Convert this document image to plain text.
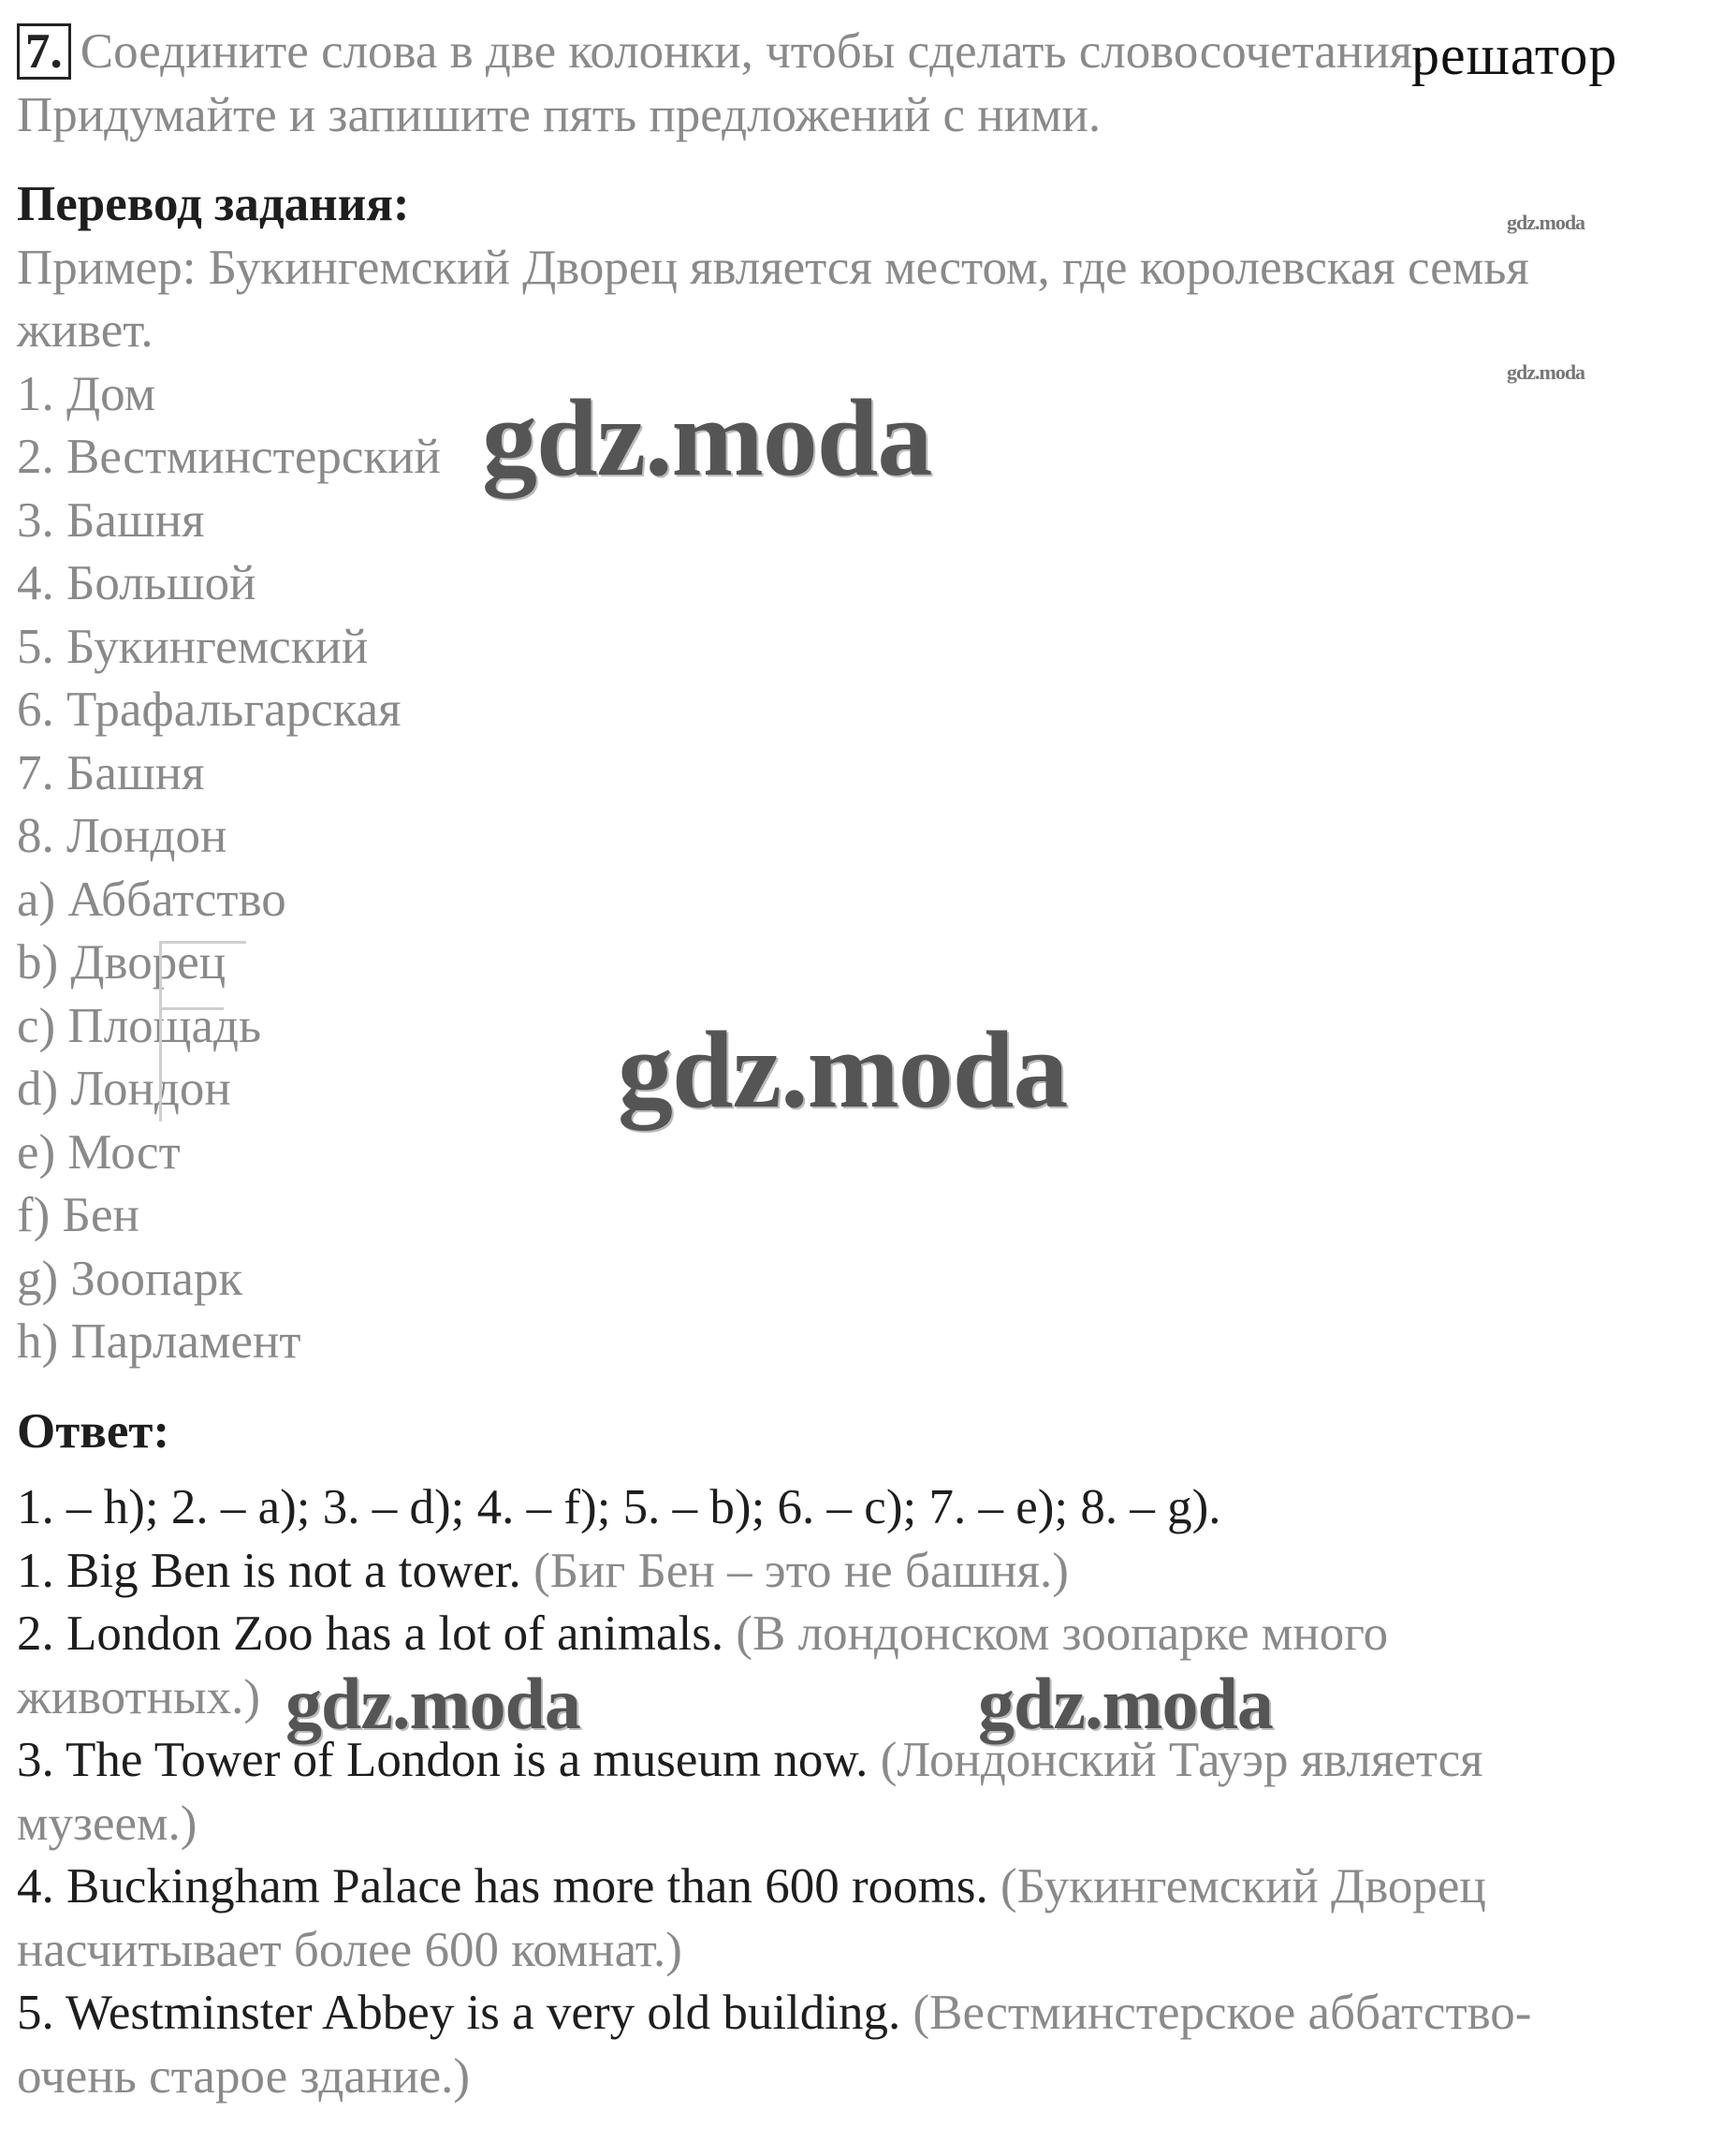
7. Соедините слова в две колонки, чтобы сделать словосочетания.
решатор
Придумайте и запишите пять предложений с ними.
Перевод задания:
Пример: Букингемский Дворец является местом, где королевская семья
живет.
1. Дом
2. Вестминстерский
3. Башня
4. Большой
5. Букингемский
6. Трафальгарская
7. Башня
8. Лондон
a) Аббатство
b) Дворец
c) Площадь
d) Лондон
e) Мост
f) Бен
g) Зоопарк
h) Парламент
Ответ:
1. – h); 2. – a); 3. – d); 4. – f); 5. – b); 6. – c); 7. – e); 8. – g).
1. Big Ben is not a tower. (Биг Бен – это не башня.)
2. London Zoo has a lot of animals. (В лондонском зоопарке много
животных.)
3. The Tower of London is a museum now. (Лондонский Тауэр является
музеем.)
4. Buckingham Palace has more than 600 rooms. (Букингемский Дворец
насчитывает более 600 комнат.)
5. Westminster Abbey is a very old building. (Вестминстерское аббатство-
очень старое здание.)
gdz.moda
gdz.moda
gdz.moda	gdz.moda
gdz.moda
gdz.moda
